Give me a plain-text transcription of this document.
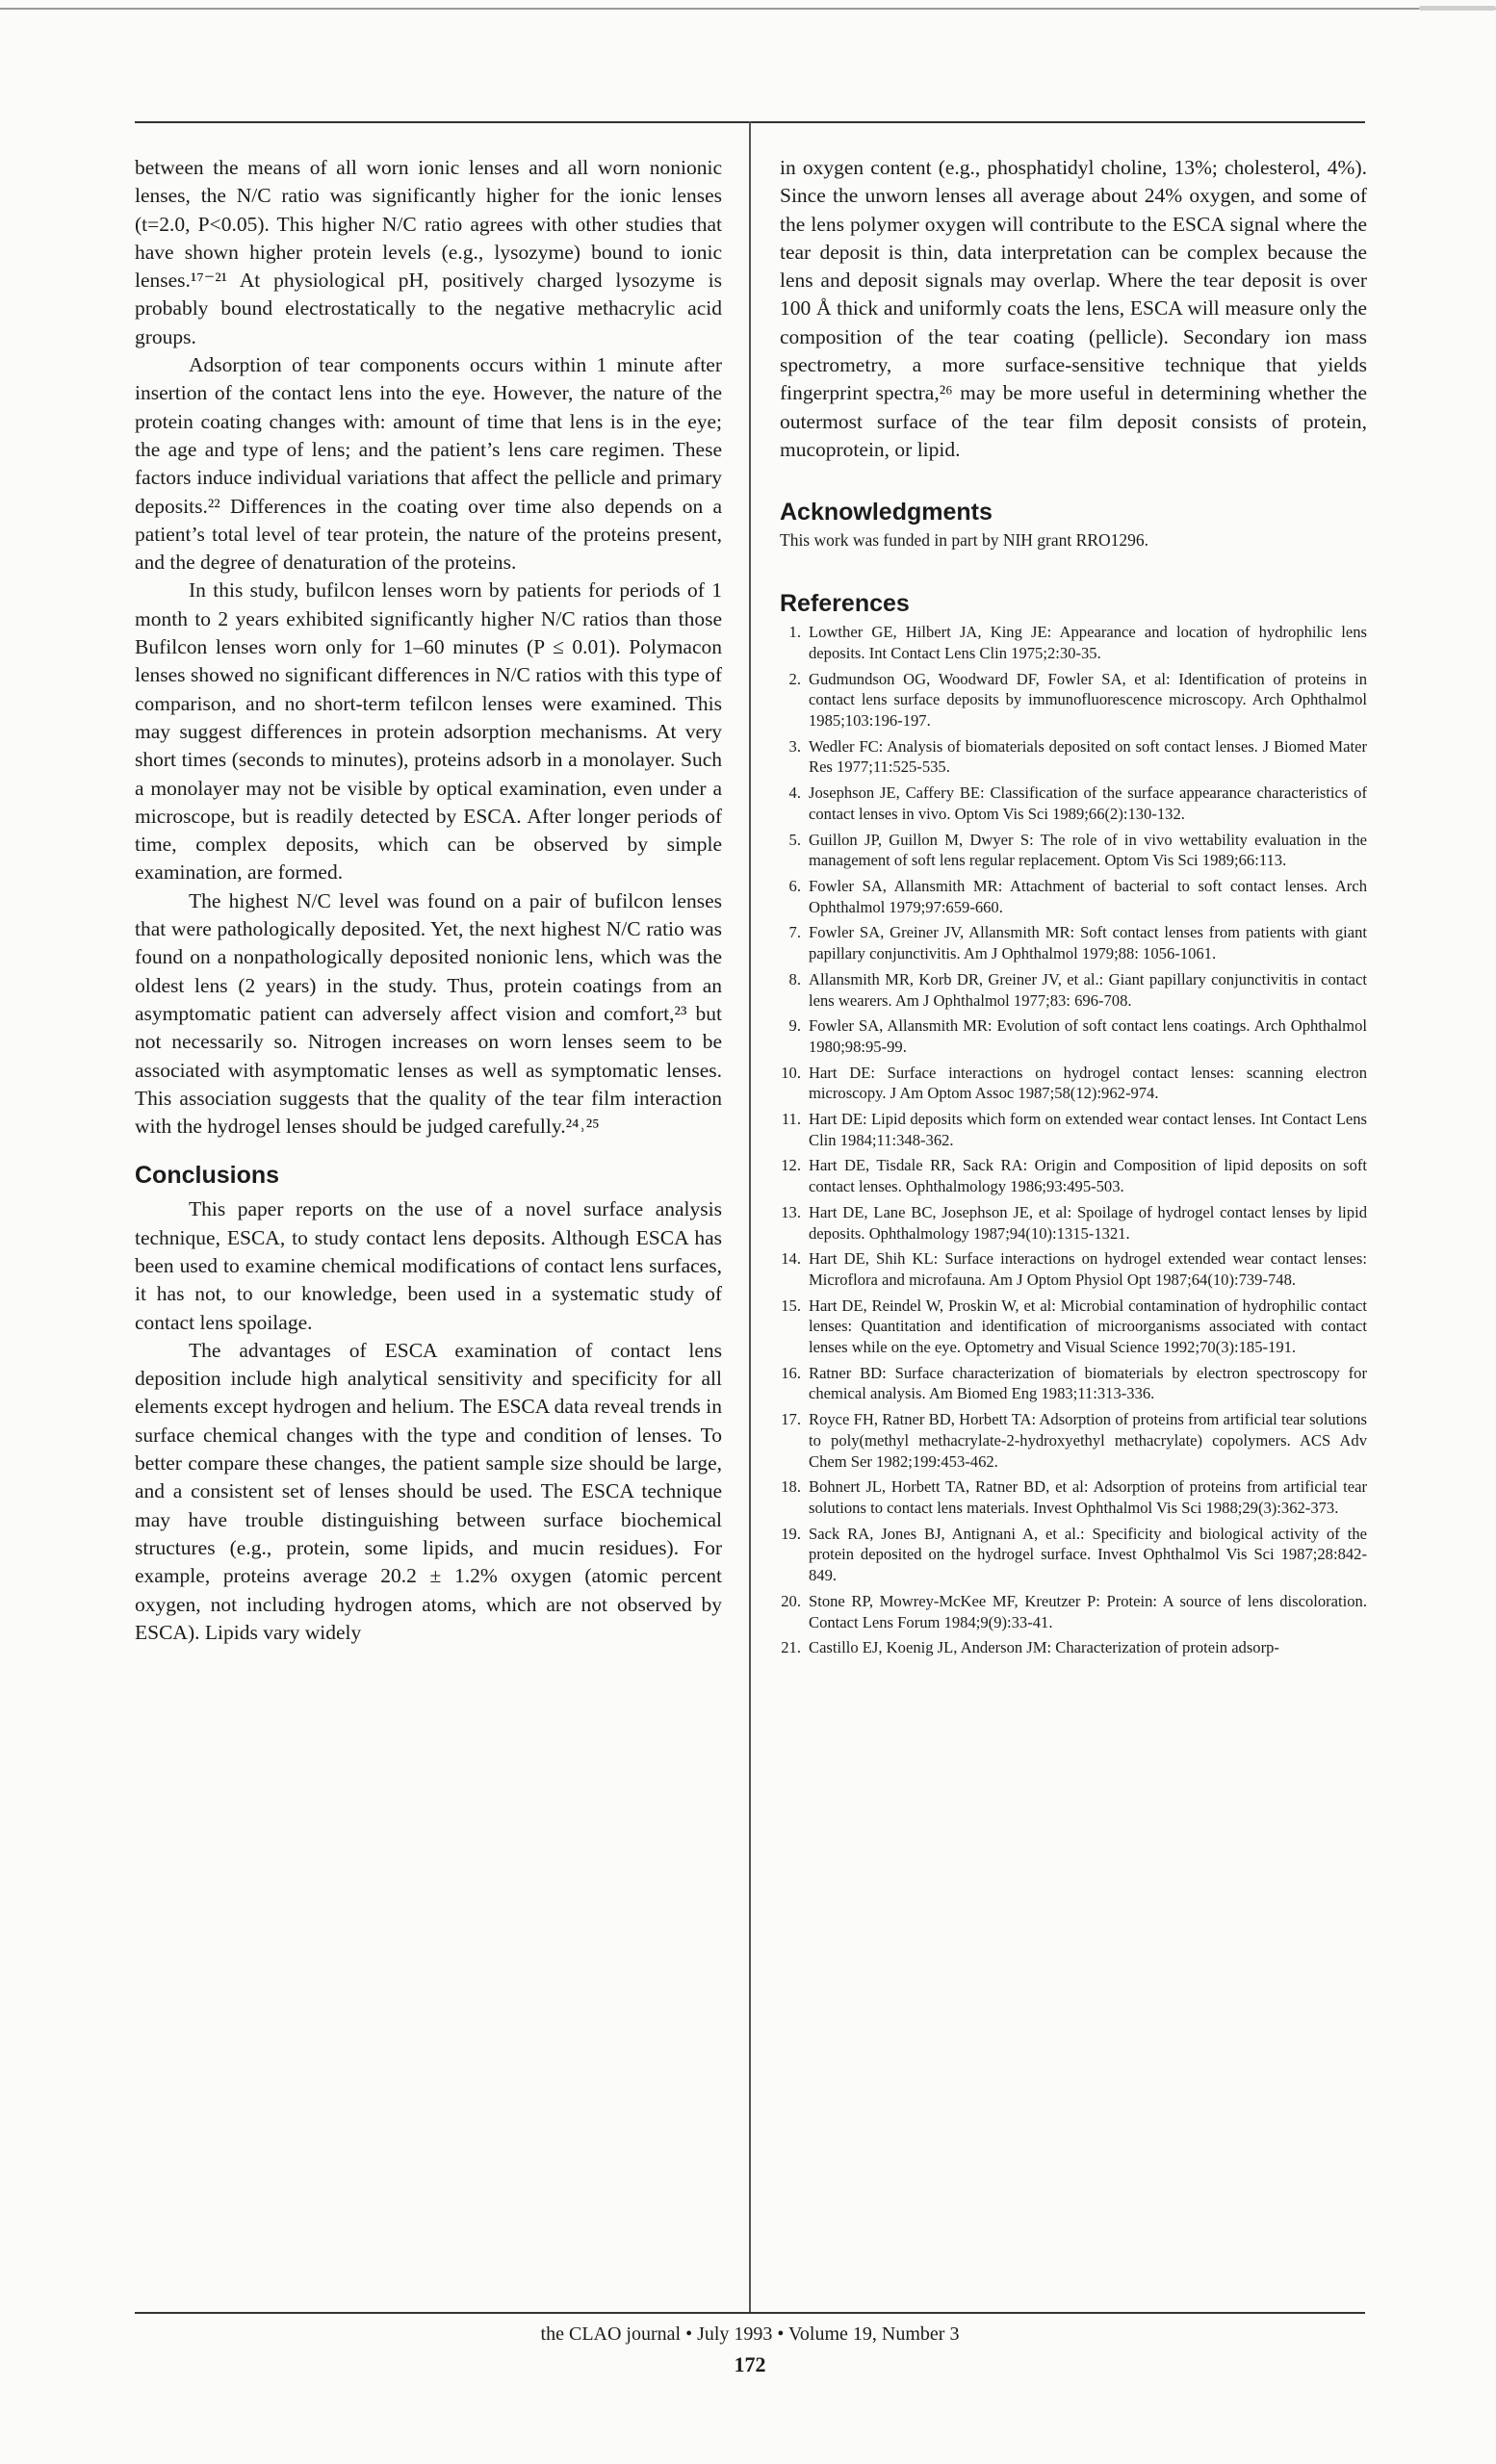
between the means of all worn ionic lenses and all worn nonionic lenses, the N/C ratio was significantly higher for the ionic lenses (t=2.0, P<0.05). This higher N/C ratio agrees with other studies that have shown higher protein levels (e.g., lysozyme) bound to ionic lenses.¹⁷⁻²¹ At physiological pH, positively charged lysozyme is probably bound electrostatically to the negative methacrylic acid groups.

Adsorption of tear components occurs within 1 minute after insertion of the contact lens into the eye. However, the nature of the protein coating changes with: amount of time that lens is in the eye; the age and type of lens; and the patient’s lens care regimen. These factors induce individual variations that affect the pellicle and primary deposits.²² Differences in the coating over time also depends on a patient’s total level of tear protein, the nature of the proteins present, and the degree of denaturation of the proteins.

In this study, bufilcon lenses worn by patients for periods of 1 month to 2 years exhibited significantly higher N/C ratios than those Bufilcon lenses worn only for 1–60 minutes (P ≤ 0.01). Polymacon lenses showed no significant differences in N/C ratios with this type of comparison, and no short-term tefilcon lenses were examined. This may suggest differences in protein adsorption mechanisms. At very short times (seconds to minutes), proteins adsorb in a monolayer. Such a monolayer may not be visible by optical examination, even under a microscope, but is readily detected by ESCA. After longer periods of time, complex deposits, which can be observed by simple examination, are formed.

The highest N/C level was found on a pair of bufilcon lenses that were pathologically deposited. Yet, the next highest N/C ratio was found on a nonpathologically deposited nonionic lens, which was the oldest lens (2 years) in the study. Thus, protein coatings from an asymptomatic patient can adversely affect vision and comfort,²³ but not necessarily so. Nitrogen increases on worn lenses seem to be associated with asymptomatic lenses as well as symptomatic lenses. This association suggests that the quality of the tear film interaction with the hydrogel lenses should be judged carefully.²⁴˒²⁵

Conclusions

This paper reports on the use of a novel surface analysis technique, ESCA, to study contact lens deposits. Although ESCA has been used to examine chemical modifications of contact lens surfaces, it has not, to our knowledge, been used in a systematic study of contact lens spoilage.

The advantages of ESCA examination of contact lens deposition include high analytical sensitivity and specificity for all elements except hydrogen and helium. The ESCA data reveal trends in surface chemical changes with the type and condition of lenses. To better compare these changes, the patient sample size should be large, and a consistent set of lenses should be used. The ESCA technique may have trouble distinguishing between surface biochemical structures (e.g., protein, some lipids, and mucin residues). For example, proteins average 20.2 ± 1.2% oxygen (atomic percent oxygen, not including hydrogen atoms, which are not observed by ESCA). Lipids vary widely

in oxygen content (e.g., phosphatidyl choline, 13%; cholesterol, 4%). Since the unworn lenses all average about 24% oxygen, and some of the lens polymer oxygen will contribute to the ESCA signal where the tear deposit is thin, data interpretation can be complex because the lens and deposit signals may overlap. Where the tear deposit is over 100 Å thick and uniformly coats the lens, ESCA will measure only the composition of the tear coating (pellicle). Secondary ion mass spectrometry, a more surface-sensitive technique that yields fingerprint spectra,²⁶ may be more useful in determining whether the outermost surface of the tear film deposit consists of protein, mucoprotein, or lipid.

Acknowledgments

This work was funded in part by NIH grant RRO1296.

References
1. Lowther GE, Hilbert JA, King JE: Appearance and location of hydrophilic lens deposits. Int Contact Lens Clin 1975;2:30-35.
2. Gudmundson OG, Woodward DF, Fowler SA, et al: Identification of proteins in contact lens surface deposits by immunofluorescence microscopy. Arch Ophthalmol 1985;103:196-197.
3. Wedler FC: Analysis of biomaterials deposited on soft contact lenses. J Biomed Mater Res 1977;11:525-535.
4. Josephson JE, Caffery BE: Classification of the surface appearance characteristics of contact lenses in vivo. Optom Vis Sci 1989;66(2):130-132.
5. Guillon JP, Guillon M, Dwyer S: The role of in vivo wettability evaluation in the management of soft lens regular replacement. Optom Vis Sci 1989;66:113.
6. Fowler SA, Allansmith MR: Attachment of bacterial to soft contact lenses. Arch Ophthalmol 1979;97:659-660.
7. Fowler SA, Greiner JV, Allansmith MR: Soft contact lenses from patients with giant papillary conjunctivitis. Am J Ophthalmol 1979;88: 1056-1061.
8. Allansmith MR, Korb DR, Greiner JV, et al.: Giant papillary conjunctivitis in contact lens wearers. Am J Ophthalmol 1977;83: 696-708.
9. Fowler SA, Allansmith MR: Evolution of soft contact lens coatings. Arch Ophthalmol 1980;98:95-99.
10. Hart DE: Surface interactions on hydrogel contact lenses: scanning electron microscopy. J Am Optom Assoc 1987;58(12):962-974.
11. Hart DE: Lipid deposits which form on extended wear contact lenses. Int Contact Lens Clin 1984;11:348-362.
12. Hart DE, Tisdale RR, Sack RA: Origin and Composition of lipid deposits on soft contact lenses. Ophthalmology 1986;93:495-503.
13. Hart DE, Lane BC, Josephson JE, et al: Spoilage of hydrogel contact lenses by lipid deposits. Ophthalmology 1987;94(10):1315-1321.
14. Hart DE, Shih KL: Surface interactions on hydrogel extended wear contact lenses: Microflora and microfauna. Am J Optom Physiol Opt 1987;64(10):739-748.
15. Hart DE, Reindel W, Proskin W, et al: Microbial contamination of hydrophilic contact lenses: Quantitation and identification of microorganisms associated with contact lenses while on the eye. Optometry and Visual Science 1992;70(3):185-191.
16. Ratner BD: Surface characterization of biomaterials by electron spectroscopy for chemical analysis. Am Biomed Eng 1983;11:313-336.
17. Royce FH, Ratner BD, Horbett TA: Adsorption of proteins from artificial tear solutions to poly(methyl methacrylate-2-hydroxyethyl methacrylate) copolymers. ACS Adv Chem Ser 1982;199:453-462.
18. Bohnert JL, Horbett TA, Ratner BD, et al: Adsorption of proteins from artificial tear solutions to contact lens materials. Invest Ophthalmol Vis Sci 1988;29(3):362-373.
19. Sack RA, Jones BJ, Antignani A, et al.: Specificity and biological activity of the protein deposited on the hydrogel surface. Invest Ophthalmol Vis Sci 1987;28:842-849.
20. Stone RP, Mowrey-McKee MF, Kreutzer P: Protein: A source of lens discoloration. Contact Lens Forum 1984;9(9):33-41.
21. Castillo EJ, Koenig JL, Anderson JM: Characterization of protein adsorp-
the CLAO journal • July 1993 • Volume 19, Number 3
172
